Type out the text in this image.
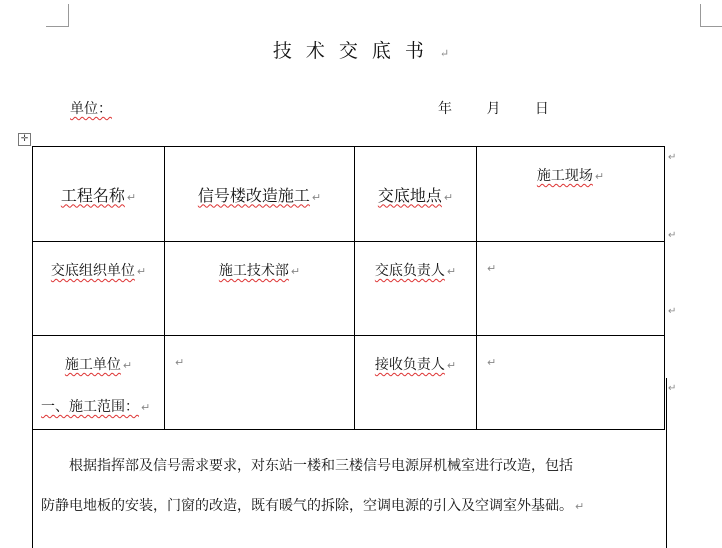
技术交底书 ↵
单位：	年 月 日
✛
工程名称 ↵	信号楼改造施工 ↵	交底地点 ↵	施工现场 ↵
交底组织单位 ↵	施工技术部 ↵	交底负责人 ↵	↵
施工单位 ↵	↵	接收负责人 ↵	↵
一、施工范围： ↵

根据指挥部及信号需求要求，对东站一楼和三楼信号电源屏机械室进行改造，包括

防静电地板的安装，门窗的改造，既有暖气的拆除，空调电源的引入及空调室外基础。 ↵
↵
↵
↵
↵
